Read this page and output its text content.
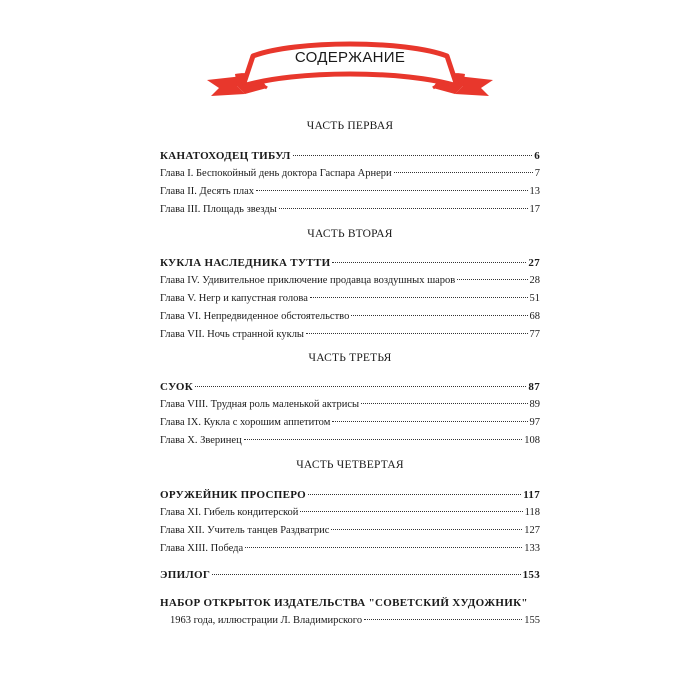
СОДЕРЖАНИЕ
ЧАСТЬ ПЕРВАЯ
КАНАТОХОДЕЦ ТИБУЛ	6
Глава I. Беспокойный день доктора Гаспара Арнери	7
Глава II. Десять плах	13
Глава III. Площадь звезды	17
ЧАСТЬ ВТОРАЯ
КУКЛА НАСЛЕДНИКА ТУТТИ	27
Глава IV. Удивительное приключение продавца воздушных шаров	28
Глава V. Негр и капустная голова	51
Глава VI. Непредвиденное обстоятельство	68
Глава VII. Ночь странной куклы	77
ЧАСТЬ ТРЕТЬЯ
СУОК	87
Глава VIII. Трудная роль маленькой актрисы	89
Глава IX. Кукла с хорошим аппетитом	97
Глава X. Зверинец	108
ЧАСТЬ ЧЕТВЕРТАЯ
ОРУЖЕЙНИК ПРОСПЕРО	117
Глава XI. Гибель кондитерской	118
Глава XII. Учитель танцев Раздватрис	127
Глава XIII. Победа	133
ЭПИЛОГ	153
НАБОР ОТКРЫТОК ИЗДАТЕЛЬСТВА "СОВЕТСКИЙ ХУДОЖНИК"
1963 года, иллюстрации Л. Владимирского	155
